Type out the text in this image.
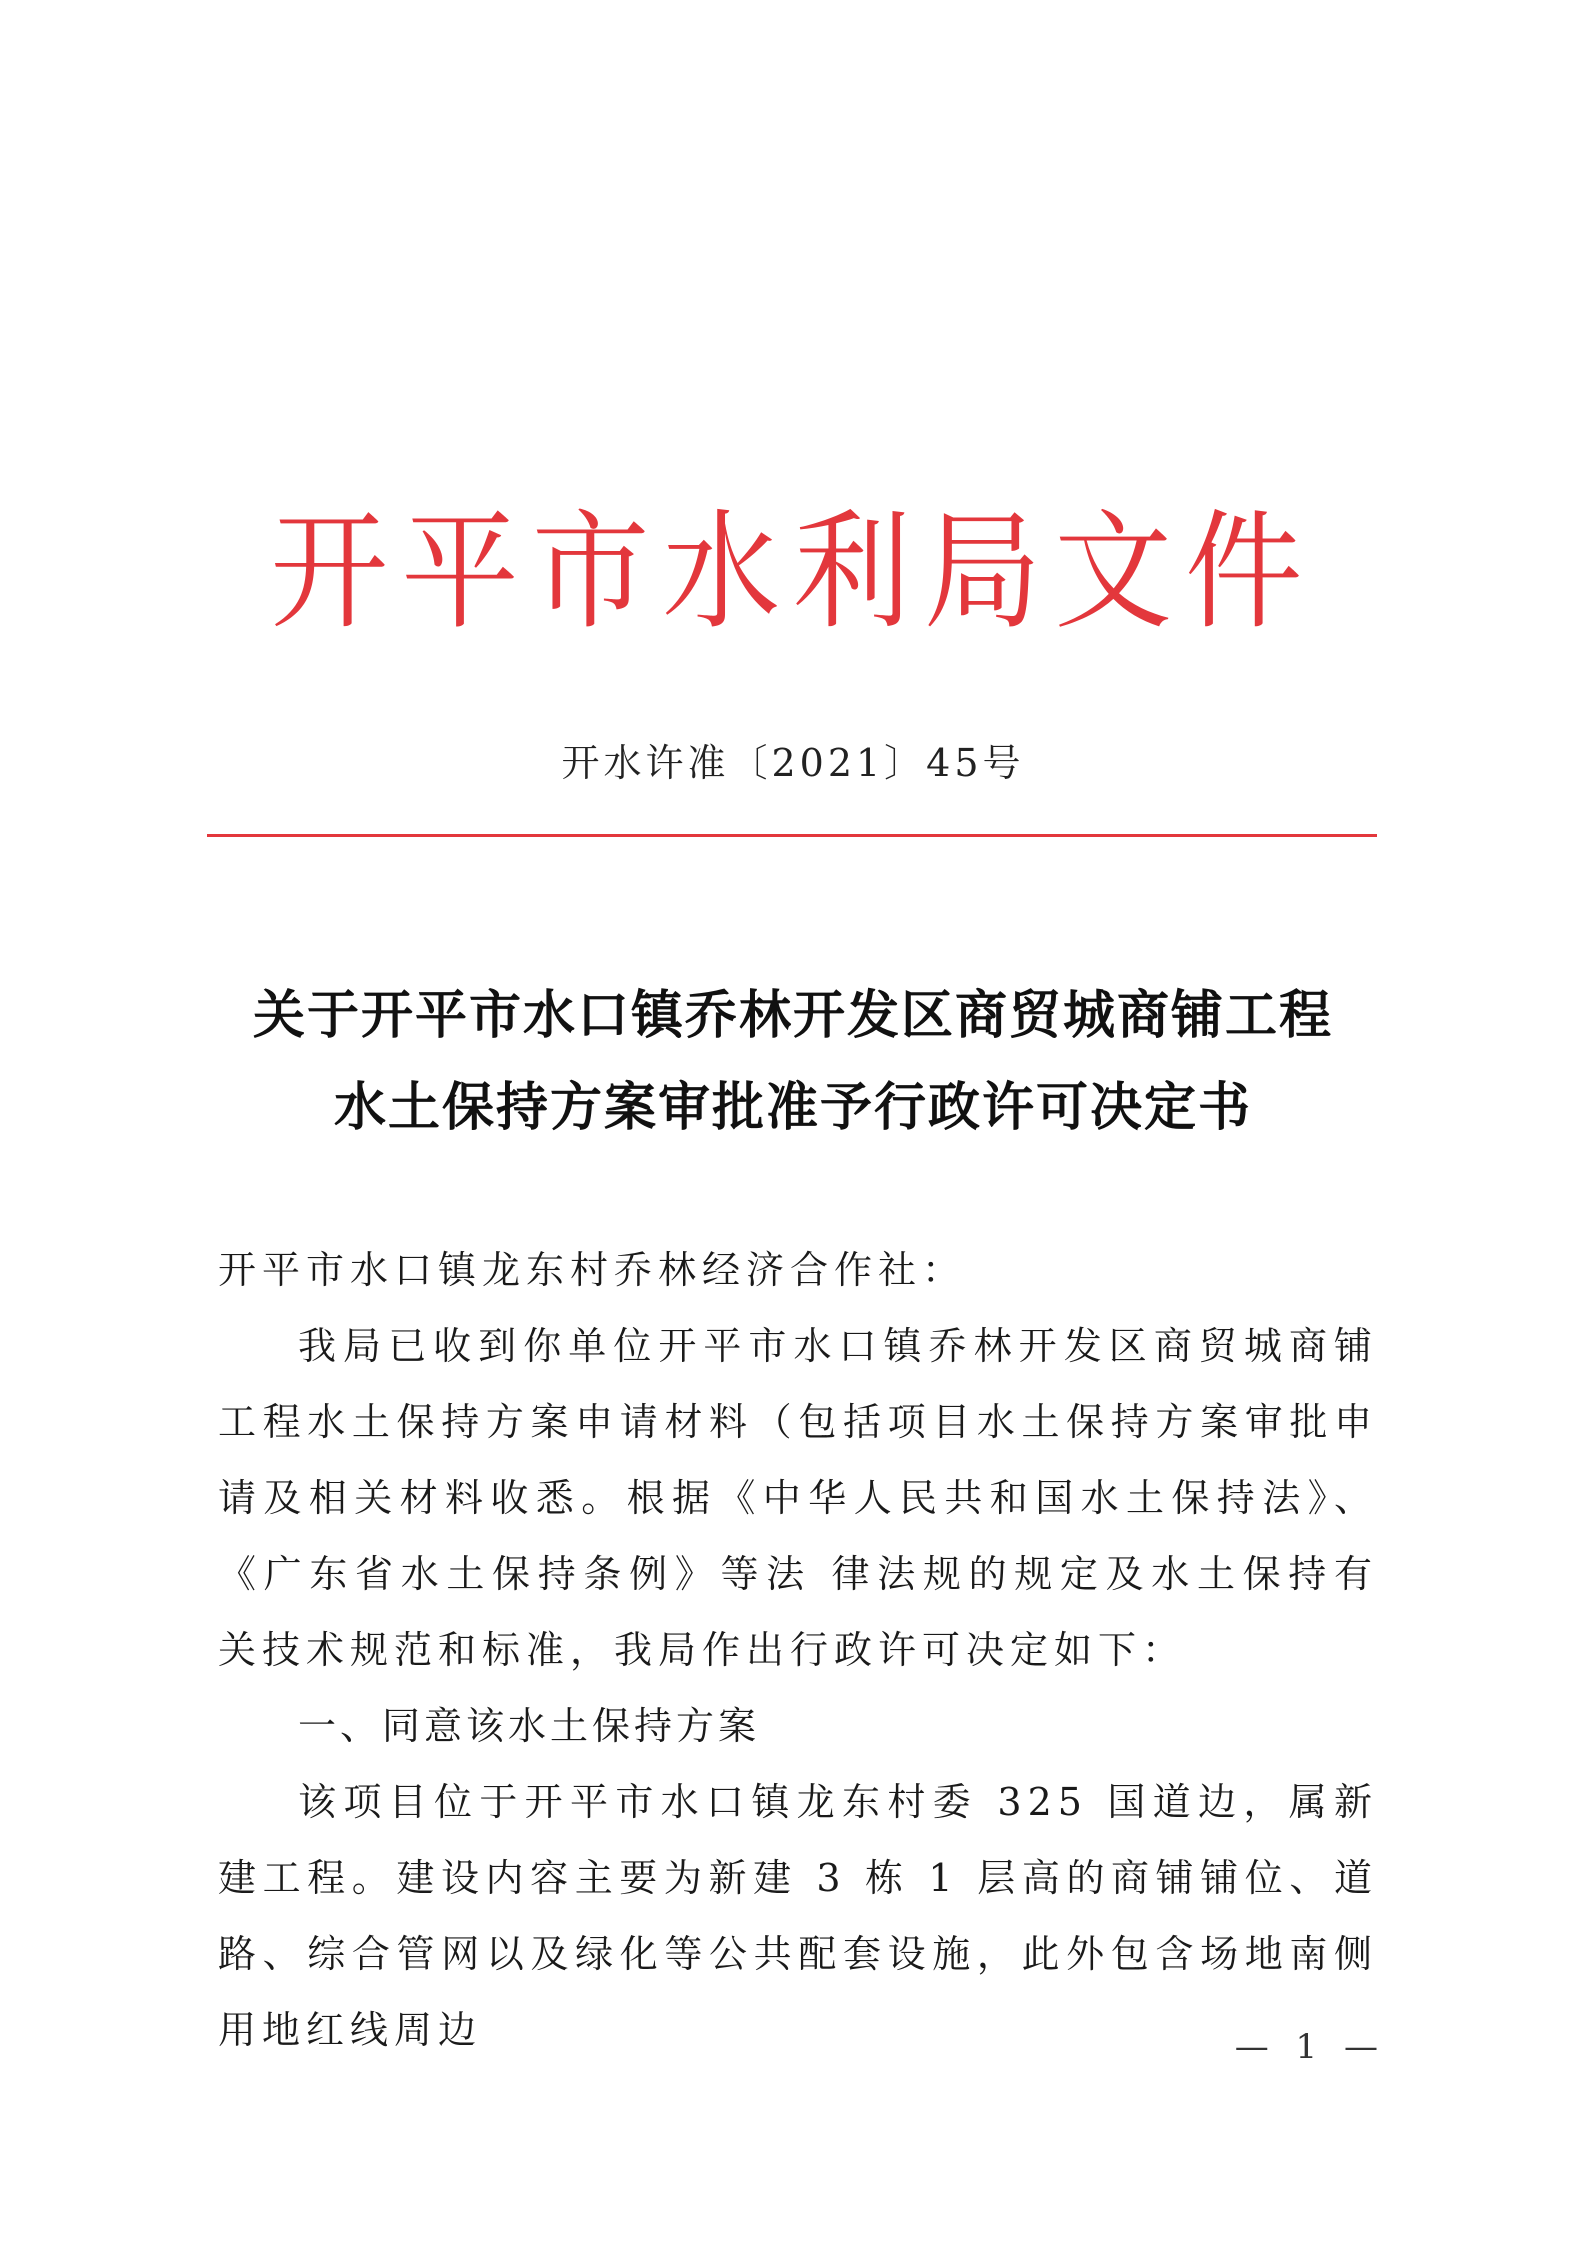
开平市水利局文件
开水许准〔2021〕45号
关于开平市水口镇乔林开发区商贸城商铺工程
水土保持方案审批准予行政许可决定书
开平市水口镇龙东村乔林经济合作社：
我局已收到你单位开平市水口镇乔林开发区商贸城商铺工程水土保持方案申请材料（包括项目水土保持方案审批申请及相关材料收悉。根据《中华人民共和国水土保持法》、《广东省水土保持条例》等法 律法规的规定及水土保持有关技术规范和标准，我局作出行政许可决定如下：
一、同意该水土保持方案
该项目位于开平市水口镇龙东村委 325 国道边，属新建工程。建设内容主要为新建 3 栋 1 层高的商铺铺位、道路、综合管网以及绿化等公共配套设施，此外包含场地南侧用地红线周边	— 1 —
